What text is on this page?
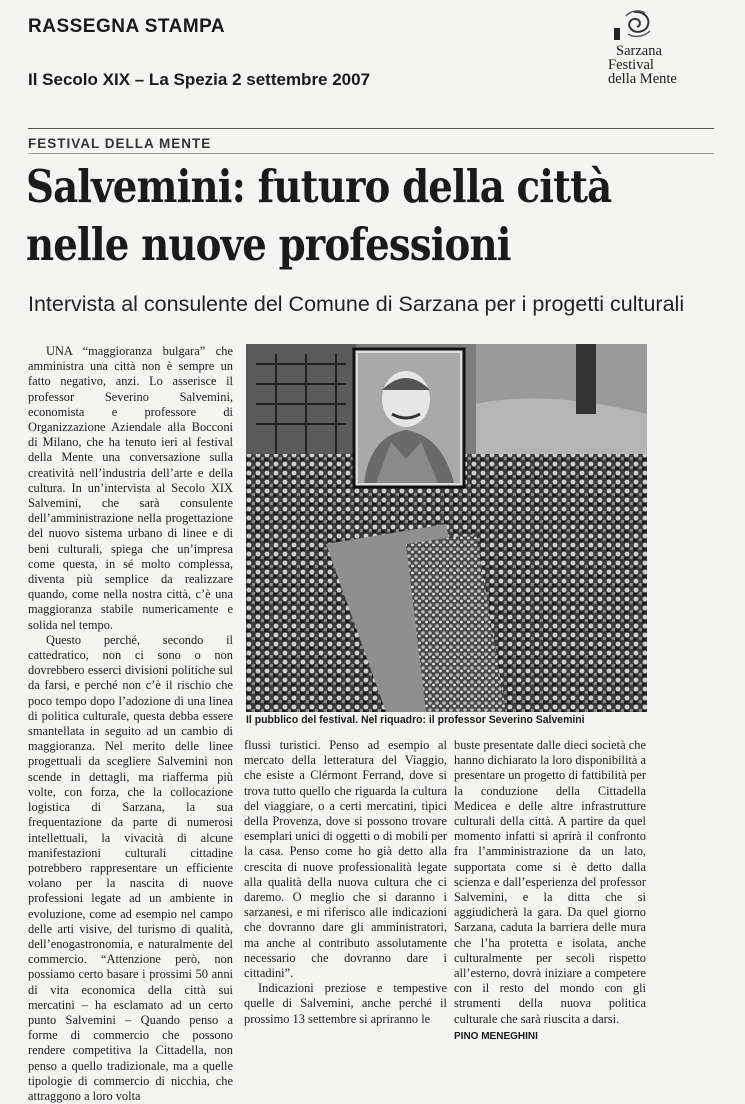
RASSEGNA STAMPA
Il Secolo XIX – La Spezia 2 settembre 2007
Sarzana
Festival
della Mente
FESTIVAL DELLA MENTE
Salvemini: futuro della città
nelle nuove professioni
Intervista al consulente del Comune di Sarzana per i progetti culturali

UNA “maggioranza bulgara” che amministra una città non è sempre un fatto negativo, anzi. Lo asserisce il professor Severino Salvemini, economista e professore di Organizzazione Aziendale alla Bocconi di Milano, che ha tenuto ieri al festival della Mente una conversazione sulla creatività nell’industria dell’arte e della cultura. In un’intervista al Secolo XIX Salvemini, che sarà consulente dell’amministrazione nella progettazione del nuovo sistema urbano di linee e di beni culturali, spiega che un’impresa come questa, in sé molto complessa, diventa più semplice da realizzare quando, come nella nostra città, c’è una maggioranza stabile numericamente e solida nel tempo.

Questo perché, secondo il cattedratico, non ci sono o non dovrebbero esserci divisioni politiche sul da farsi, e perché non c’è il rischio che poco tempo dopo l’adozione di una linea di politica culturale, questa debba essere smantellata in seguito ad un cambio di maggioranza. Nel merito delle linee progettuali da scegliere Salvemini non scende in dettagli, ma riafferma più volte, con forza, che la collocazione logistica di Sarzana, la sua frequentazione da parte di numerosi intellettuali, la vivacità di alcune manifestazioni culturali cittadine potrebbero rappresentare un efficiente volano per la nascita di nuove professioni legate ad un ambiente in evoluzione, come ad esempio nel campo delle arti visive, del turismo di qualità, dell’enogastronomia, e naturalmente del commercio. “Attenzione però, non possiamo certo basare i prossimi 50 anni di vita economica della città sui mercatini – ha esclamato ad un certo punto Salvemini – Quando penso a forme di commercio che possono rendere competitiva la Cittadella, non penso a quello tradizionale, ma a quelle tipologie di commercio di nicchia, che attraggono a loro volta

Il pubblico del festival. Nel riquadro: il professor Severino Salvemini

flussi turistici. Penso ad esempio al mercato della letteratura del Viaggio, che esiste a Clérmont Ferrand, dove si trova tutto quello che riguarda la cultura del viaggiare, o a certi mercatini, tipici della Provenza, dove si possono trovare esemplari unici di oggetti o di mobili per la casa. Penso come ho già detto alla crescita di nuove professionalità legate alla qualità della nuova cultura che ci daremo. O meglio che si daranno i sarzanesi, e mi riferisco alle indicazioni che dovranno dare gli amministratori, ma anche al contributo assolutamente necessario che dovranno dare i cittadini”.

Indicazioni preziose e tempestive quelle di Salvemini, anche perché il prossimo 13 settembre si apriranno le

buste presentate dalle dieci società che hanno dichiarato la loro disponibilità a presentare un progetto di fattibilità per la conduzione della Cittadella Medicea e delle altre infrastrutture culturali della città. A partire da quel momento infatti si aprirà il confronto fra l’amministrazione da un lato, supportata come si è detto dalla scienza e dall’esperienza del professor Salvemini, e la ditta che si aggiudicherà la gara. Da quel giorno Sarzana, caduta la barriera delle mura che l’ha protetta e isolata, anche culturalmente per secoli rispetto all’esterno, dovrà iniziare a competere con il resto del mondo con gli strumenti della nuova politica culturale che sarà riuscita a darsi.

PINO MENEGHINI
